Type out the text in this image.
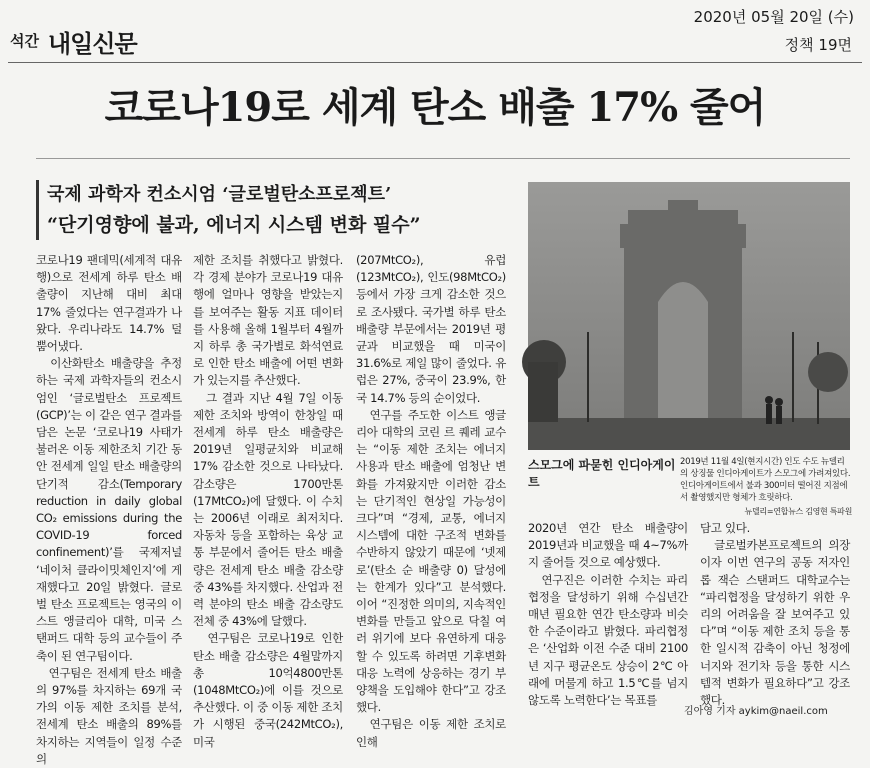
석간 내일신문
2020년 05월 20일 (수)
정책 19면
코로나19로 세계 탄소 배출 17% 줄어
국제 과학자 컨소시엄 ‘글로벌탄소프로젝트’
“단기영향에 불과, 에너지 시스템 변화 필수”
코로나19 팬데믹(세계적 대유행)으로 전세계 하루 탄소 배출량이 지난해 대비 최대 17% 줄었다는 연구결과가 나왔다. 우리나라도 14.7% 덜 뿜어냈다.
　이산화탄소 배출량을 추정하는 국제 과학자들의 컨소시엄인 ‘글로벌탄소 프로젝트(GCP)’는 이 같은 연구 결과를 담은 논문 ‘코로나19 사태가 불러온 이동 제한조치 기간 동안 전세계 일일 탄소 배출량의 단기적 감소(Temporary reduction in daily global CO₂ emissions during the COVID-19 forced confinement)’를 국제저널 ‘네이처 클라이밋체인지’에 게재했다고 20일 밝혔다. 글로벌 탄소 프로젝트는 영국의 이스트 앵글리아 대학, 미국 스탠퍼드 대학 등의 교수들이 주축이 된 연구팀이다.
　연구팀은 전세계 탄소 배출의 97%를 차지하는 69개 국가의 이동 제한 조치를 분석, 전세계 탄소 배출의 89%를 차지하는 지역들이 일정 수준의
제한 조치를 취했다고 밝혔다. 각 경제 분야가 코로나19 대유행에 얼마나 영향을 받았는지를 보여주는 활동 지표 데이터를 사용해 올해 1월부터 4월까지 하루 총 국가별로 화석연료로 인한 탄소 배출에 어떤 변화가 있는지를 추산했다.
　그 결과 지난 4월 7일 이동 제한 조치와 방역이 한창일 때 전세계 하루 탄소 배출량은 2019년 일평균치와 비교해 17% 감소한 것으로 나타났다. 감소량은 1700만톤(17MtCO₂)에 달했다. 이 수치는 2006년 이래로 최저치다. 자동차 등을 포함하는 육상 교통 부문에서 줄어든 탄소 배출량은 전세계 탄소 배출 감소량 중 43%를 차지했다. 산업과 전력 분야의 탄소 배출 감소량도 전체 중 43%에 달했다.
　연구팀은 코로나19로 인한 탄소 배출 감소량은 4월말까지 총 10억4800만톤(1048MtCO₂)에 이를 것으로 추산했다. 이 중 이동 제한 조치가 시행된 중국(242MtCO₂), 미국
(207MtCO₂), 유럽(123MtCO₂), 인도(98MtCO₂) 등에서 가장 크게 감소한 것으로 조사됐다. 국가별 하루 탄소 배출량 부문에서는 2019년 평균과 비교했을 때 미국이 31.6%로 제일 많이 줄었다. 유럽은 27%, 중국이 23.9%, 한국 14.7% 등의 순이었다.
　연구를 주도한 이스트 앵글리아 대학의 코린 르 퀘레 교수는 “이동 제한 조치는 에너지 사용과 탄소 배출에 엄청난 변화를 가져왔지만 이러한 감소는 단기적인 현상일 가능성이 크다”며 “경제, 교통, 에너지 시스템에 대한 구조적 변화를 수반하지 않았기 때문에 ‘넷제로’(탄소 순 배출량 0) 달성에는 한계가 있다”고 분석했다. 이어 “진정한 의미의, 지속적인 변화를 만들고 앞으로 닥칠 여러 위기에 보다 유연하게 대응할 수 있도록 하려면 기후변화대응 노력에 상응하는 경기 부양책을 도입해야 한다”고 강조했다.
　연구팀은 이동 제한 조치로 인해
2020년 연간 탄소 배출량이 2019년과 비교했을 때 4~7%까지 줄어들 것으로 예상했다.
　연구진은 이러한 수치는 파리협정을 달성하기 위해 수십년간 매년 필요한 연간 탄소량과 비슷한 수준이라고 밝혔다. 파리협정은 ‘산업화 이전 수준 대비 2100년 지구 평균온도 상승이 2℃ 아래에 머물게 하고 1.5℃를 넘지 않도록 노력한다’는 목표를
담고 있다.
　글로벌카본프로젝트의 의장이자 이번 연구의 공동 저자인 롭 잭슨 스탠퍼드 대학교수는 “파리협정을 달성하기 위한 우리의 어려움을 잘 보여주고 있다”며 “이동 제한 조치 등을 통한 일시적 감축이 아닌 청정에너지와 전기차 등을 통한 시스템적 변화가 필요하다”고 강조했다.
스모그에 파묻힌 인디아게이트
2019년 11월 4일(현지시간) 인도 수도 뉴델리의 상징물 인디아게이트가 스모그에 가려져있다. 인디아게이트에서 불과 300미터 떨어진 지점에서 촬영했지만 형체가 흐릿하다.
뉴델리=연합뉴스 김영현 특파원
김아영 기자 aykim@naeil.com
